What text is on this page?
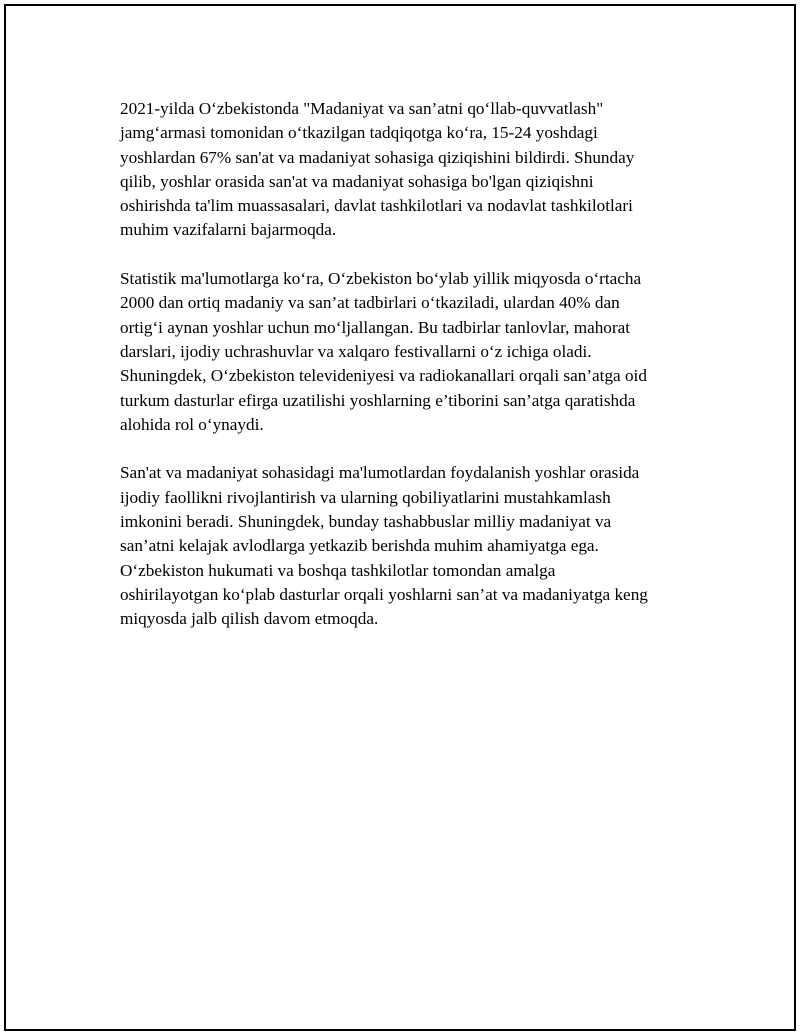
2021-yilda O‘zbekistonda "Madaniyat va san’atni qo‘llab-quvvatlash"
jamg‘armasi tomonidan o‘tkazilgan tadqiqotga ko‘ra, 15-24 yoshdagi
yoshlardan 67% san'at va madaniyat sohasiga qiziqishini bildirdi. Shunday
qilib, yoshlar orasida san'at va madaniyat sohasiga bo'lgan qiziqishni
oshirishda ta'lim muassasalari, davlat tashkilotlari va nodavlat tashkilotlari
muhim vazifalarni bajarmoqda.

Statistik ma'lumotlarga ko‘ra, O‘zbekiston bo‘ylab yillik miqyosda o‘rtacha
2000 dan ortiq madaniy va san’at tadbirlari o‘tkaziladi, ulardan 40% dan
ortig‘i aynan yoshlar uchun mo‘ljallangan. Bu tadbirlar tanlovlar, mahorat
darslari, ijodiy uchrashuvlar va xalqaro festivallarni o‘z ichiga oladi.
Shuningdek, O‘zbekiston televideniyesi va radiokanallari orqali san’atga oid
turkum dasturlar efirga uzatilishi yoshlarning e’tiborini san’atga qaratishda
alohida rol o‘ynaydi.

San'at va madaniyat sohasidagi ma'lumotlardan foydalanish yoshlar orasida
ijodiy faollikni rivojlantirish va ularning qobiliyatlarini mustahkamlash
imkonini beradi. Shuningdek, bunday tashabbuslar milliy madaniyat va
san’atni kelajak avlodlarga yetkazib berishda muhim ahamiyatga ega.
O‘zbekiston hukumati va boshqa tashkilotlar tomondan amalga
oshirilayotgan ko‘plab dasturlar orqali yoshlarni san’at va madaniyatga keng
miqyosda jalb qilish davom etmoqda.
